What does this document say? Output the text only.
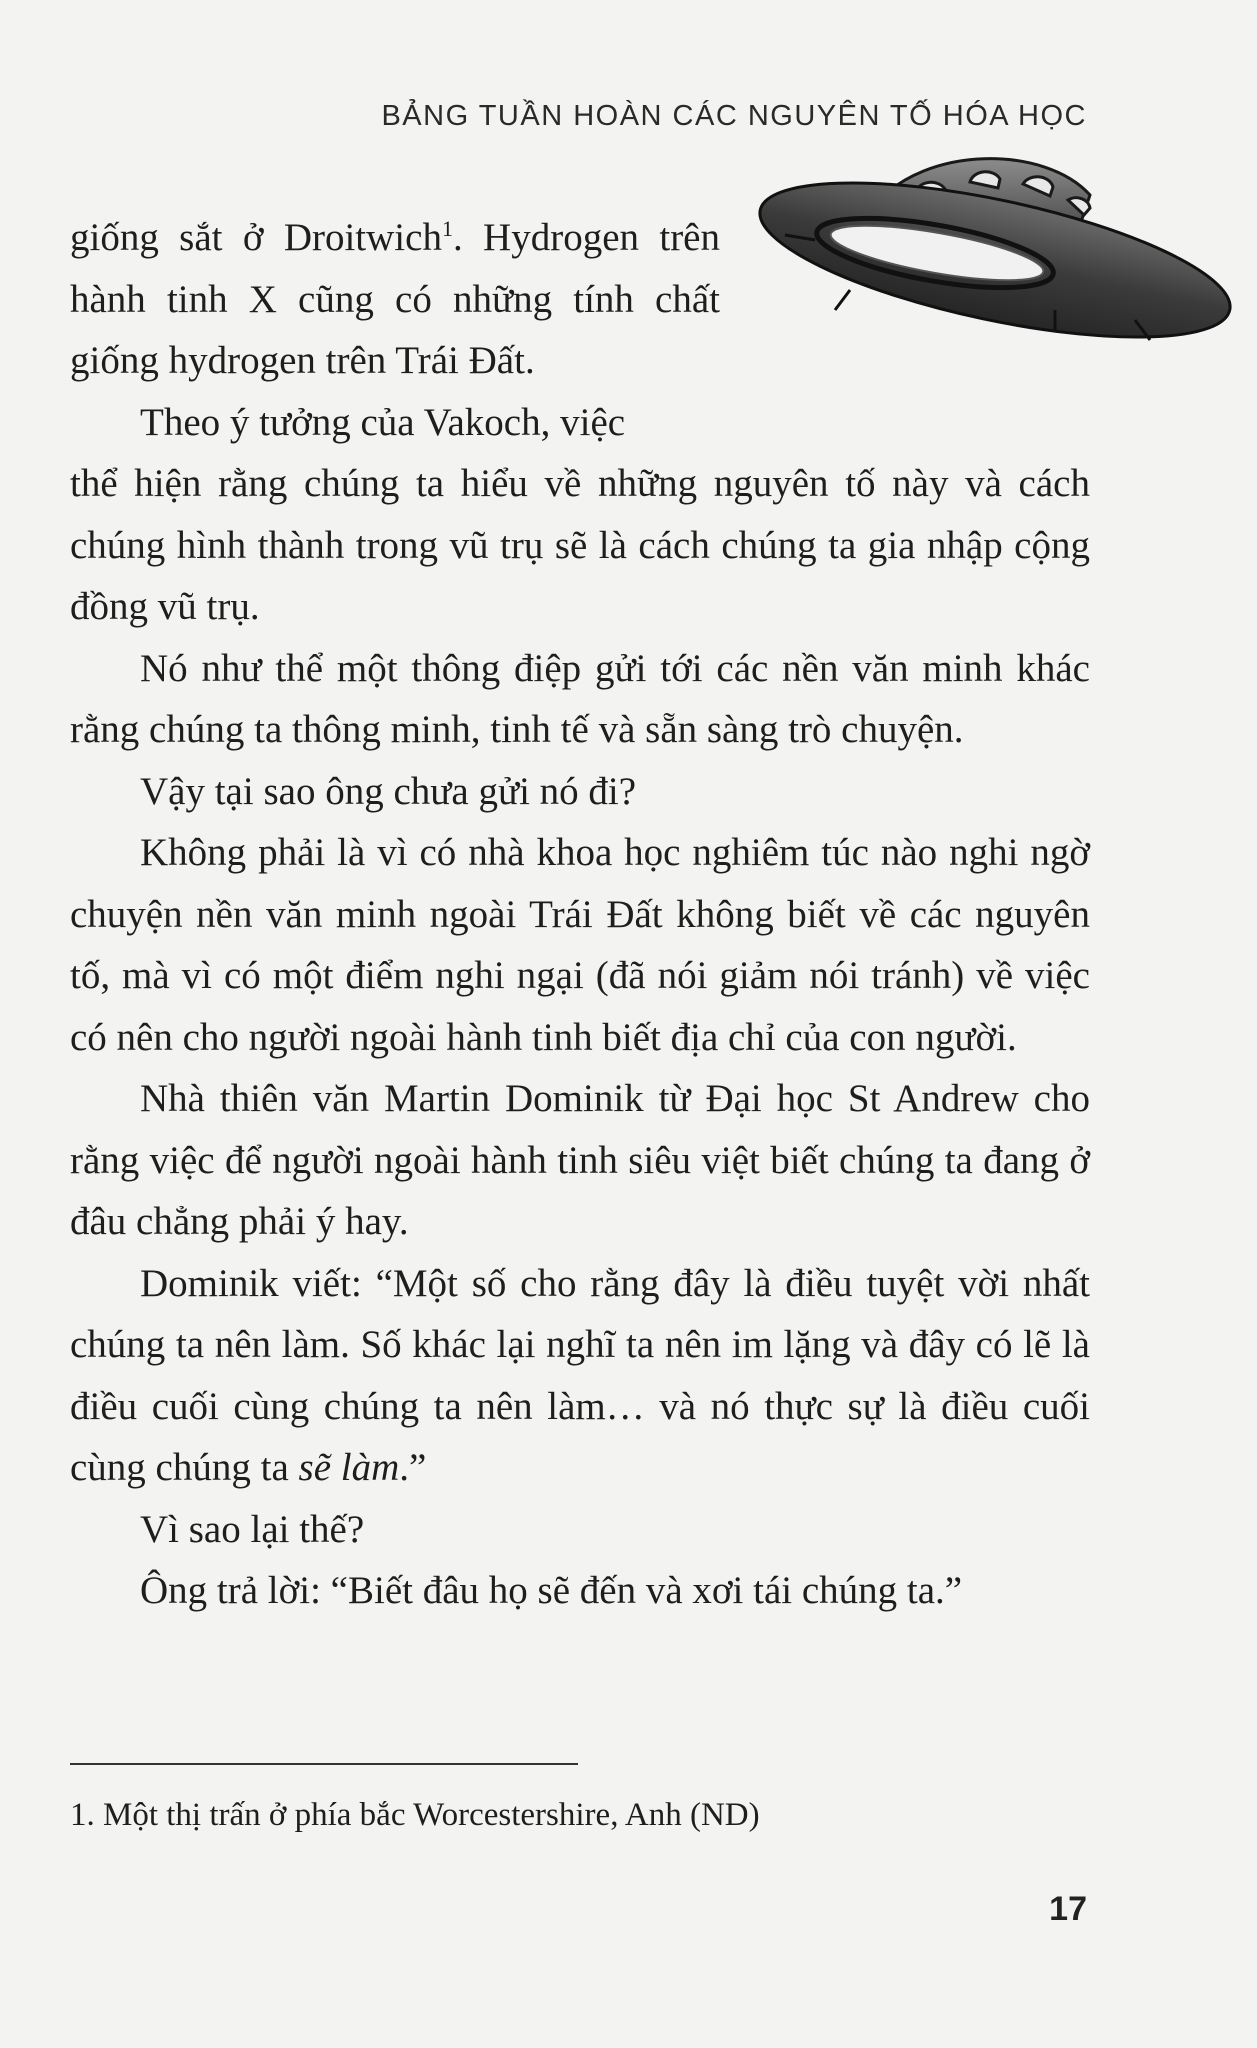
BẢNG TUẦN HOÀN CÁC NGUYÊN TỐ HÓA HỌC

giống sắt ở Droitwich$^1$. Hydrogen trên hành tinh X cũng có những tính chất giống hydrogen trên Trái Đất.

Theo ý tưởng của Vakoch, việc

thể hiện rằng chúng ta hiểu về những nguyên tố này và cách chúng hình thành trong vũ trụ sẽ là cách chúng ta gia nhập cộng đồng vũ trụ.

Nó như thể một thông điệp gửi tới các nền văn minh khác rằng chúng ta thông minh, tinh tế và sẵn sàng trò chuyện.

Vậy tại sao ông chưa gửi nó đi?

Không phải là vì có nhà khoa học nghiêm túc nào nghi ngờ chuyện nền văn minh ngoài Trái Đất không biết về các nguyên tố, mà vì có một điểm nghi ngại (đã nói giảm nói tránh) về việc có nên cho người ngoài hành tinh biết địa chỉ của con người.

Nhà thiên văn Martin Dominik từ Đại học St Andrew cho rằng việc để người ngoài hành tinh siêu việt biết chúng ta đang ở đâu chẳng phải ý hay.

Dominik viết: “Một số cho rằng đây là điều tuyệt vời nhất chúng ta nên làm. Số khác lại nghĩ ta nên im lặng và đây có lẽ là điều cuối cùng chúng ta nên làm… và nó thực sự là điều cuối cùng chúng ta sẽ làm.”

Vì sao lại thế?

Ông trả lời: “Biết đâu họ sẽ đến và xơi tái chúng ta.”

1. Một thị trấn ở phía bắc Worcestershire, Anh (ND)
17
